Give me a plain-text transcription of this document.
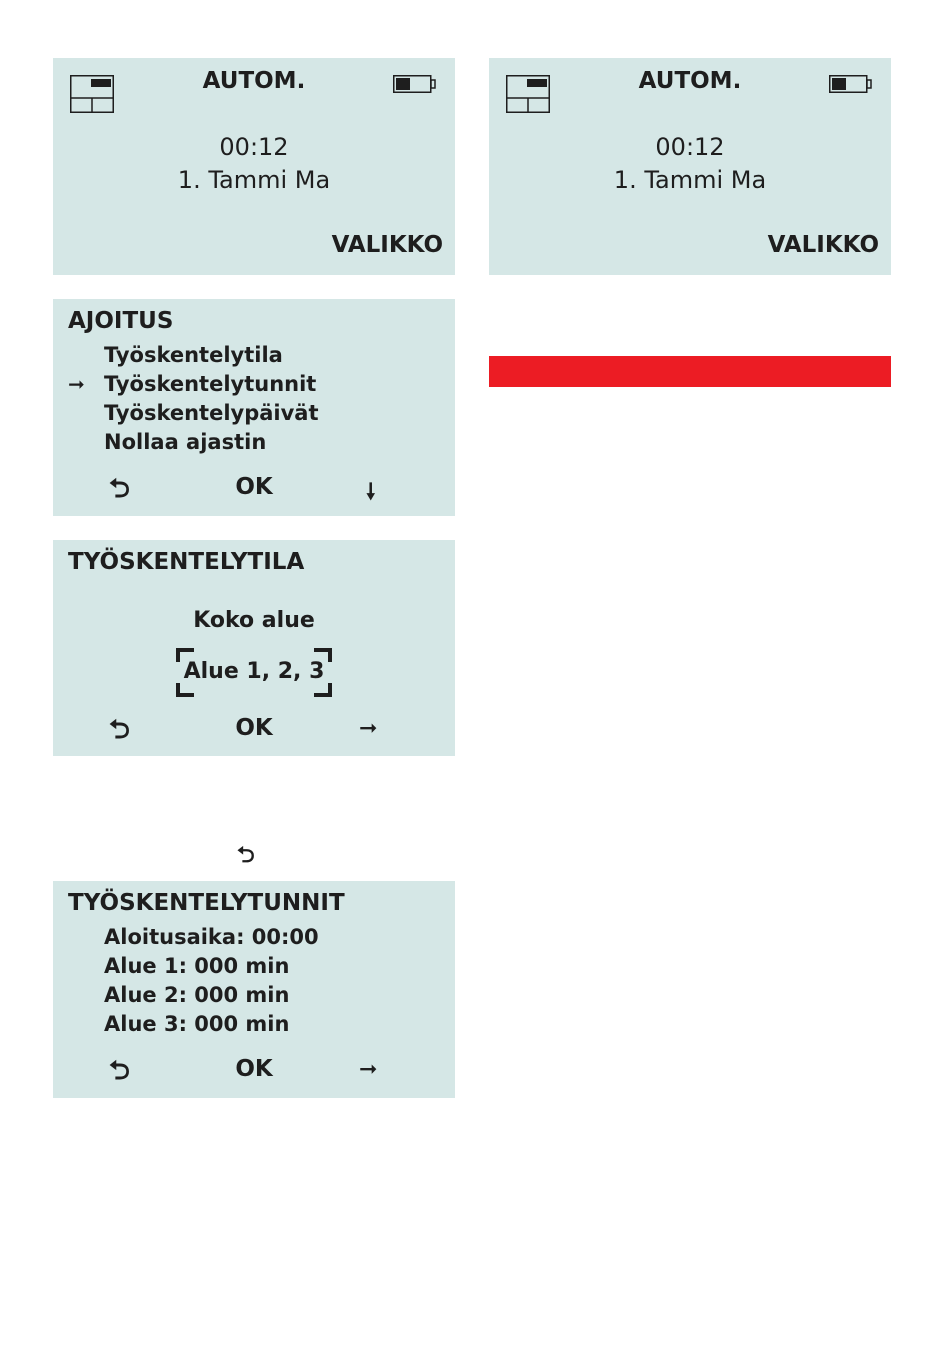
AUTOM.
00:12
1. Tammi Ma
VALIKKO
AUTOM.
00:12
1. Tammi Ma
VALIKKO
AJOITUS
Työskentelytila
➞ Työskentelytunnit
Työskentelypäivät
Nollaa ajastin
⮌	OK	🠗
TYÖSKENTELYTILA
Koko alue
Alue 1, 2, 3
⮌	OK	➞
⮌
TYÖSKENTELYTUNNIT
Aloitusaika: 00:00
Alue 1: 000 min
Alue 2: 000 min
Alue 3: 000 min
⮌	OK	➞
